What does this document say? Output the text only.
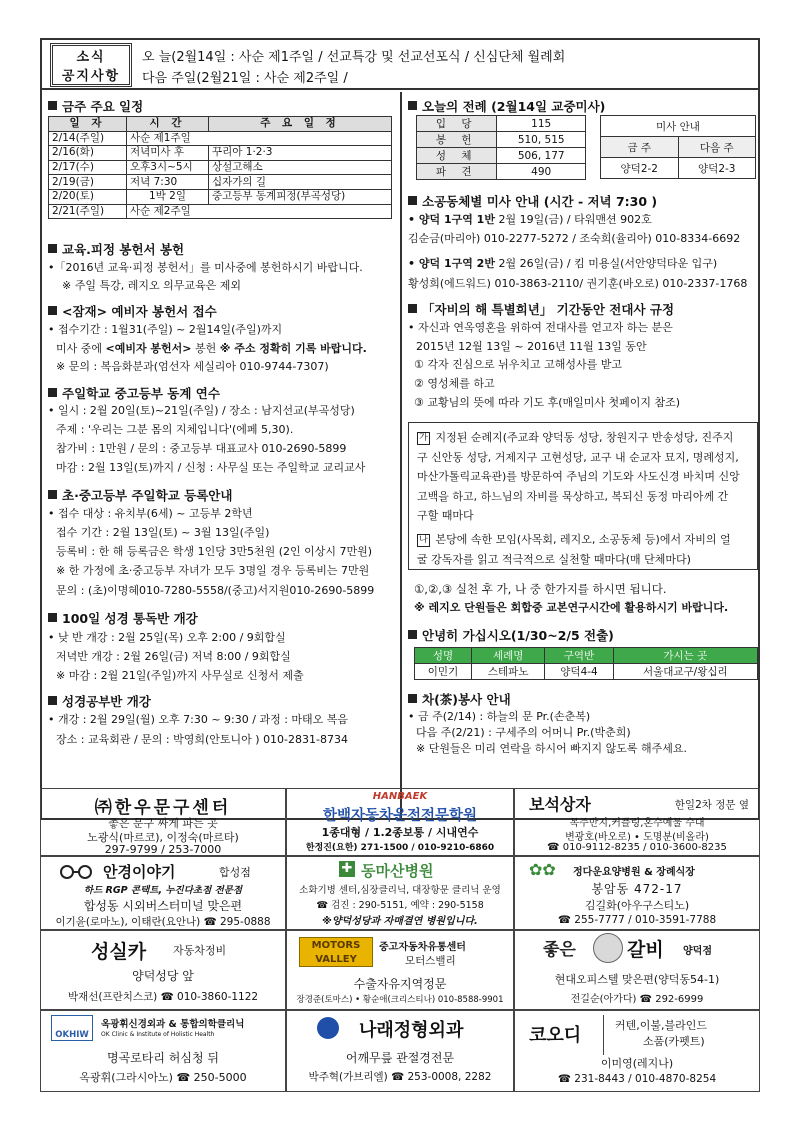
소식
공지사항
오 늘(2월14일 : 사순 제1주일 / 선교특강 및 선교선포식 / 신심단체 월례회
다음 주일(2월21일 : 사순 제2주일 /
금주 주요 일정
일 자	시 간	주 요 일 정
2/14(주일)	사순 제1주일	
2/16(화)	저녁미사 후	꾸리아 1·2·3
2/17(수)	오후3시~5시	상설고해소
2/19(금)	저녁 7:30	십자가의 길
2/20(토)	1박 2일	중고등부 동계피정(부곡성당)
2/21(주일)	사순 제2주일	
교육.피정 봉헌서 봉헌
•「2016년 교육·피정 봉헌서」를 미사중에 봉헌하시기 바랍니다.
※ 주일 특강, 레지오 의무교육은 제외
<잠재> 예비자 봉헌서 접수
• 접수기간 : 1월31(주일) ~ 2월14일(주일)까지
미사 중에 <예비자 봉헌서> 봉헌 ※ 주소 정확히 기록 바랍니다.
※ 문의 : 복음화분과(엄선자 세실리아 010-9744-7307)
주일학교 중고등부 동계 연수
• 일시 : 2월 20일(토)~21일(주일) / 장소 : 남지선교(부곡성당)
주제 : '우리는 그분 몸의 지체입니다'(에페 5,30).
참가비 : 1만원 / 문의 : 중고등부 대표교사 010-2690-5899
마감 : 2월 13일(토)까지 / 신청 : 사무실 또는 주일학교 교리교사
초·중고등부 주일학교 등록안내
• 접수 대상 : 유치부(6세) ~ 고등부 2학년
접수 기간 : 2월 13일(토) ~ 3월 13일(주일)
등록비 : 한 해 등록금은 학생 1인당 3만5천원 (2인 이상시 7만원)
※ 한 가정에 초·중고등부 자녀가 모두 3명일 경우 등록비는 7만원
문의 : (초)이명혜010-7280-5558/(중고)서지원010-2690-5899
100일 성경 통독반 개강
• 낮 반 개강 : 2월 25일(목) 오후 2:00 / 9회합실
저녁반 개강 : 2월 26일(금) 저녁 8:00 / 9회합실
※ 마감 : 2월 21일(주일)까지 사무실로 신청서 제출
성경공부반 개강
• 개강 : 2월 29일(월) 오후 7:30 ~ 9:30 / 과정 : 마태오 복음
장소 : 교육회관 / 문의 : 박영희(안토니아 ) 010-2831-8734
오늘의 전례 (2월14일 교중미사)
입 당	115
봉 헌	510, 515
성 체	506, 177
파 견	490
미사 안내	
금 주	다음 주
양덕2-2	양덕2-3
소공동체별 미사 안내 (시간 - 저녁 7:30 )
• 양덕 1구역 1반 2월 19일(금) / 타워맨션 902호
김순금(마리아) 010-2277-5272 / 조숙희(율리아) 010-8334-6692
• 양덕 1구역 2반 2월 26일(금) / 킴 미용실(서안양덕타운 입구)
황성희(에드워드) 010-3863-2110/ 권기훈(바오로) 010-2337-1768
「자비의 해 특별희년」 기간동안 전대사 규정
• 자신과 연옥영혼을 위하여 전대사를 얻고자 하는 분은
2015년 12월 13일 ~ 2016년 11월 13일 동안
① 각자 진심으로 뉘우치고 고해성사를 받고
② 영성체를 하고
③ 교황님의 뜻에 따라 기도 후(매일미사 첫페이지 참조)
가 지정된 순례지(주교좌 양덕동 성당, 창원지구 반송성당, 진주지
구 신안동 성당, 거제지구 고현성당, 교구 내 순교자 묘지, 명례성지,
마산가톨릭교육관)를 방문하여 주님의 기도와 사도신경 바치며 신앙
고백을 하고, 하느님의 자비를 묵상하고, 복되신 동정 마리아께 간
구할 때마다
나 본당에 속한 모임(사목회, 레지오, 소공동체 등)에서 자비의 얼
굴 강독자를 읽고 적극적으로 실천할 때마다(매 단체마다)
①,②,③ 실천 후 가, 나 중 한가지를 하시면 됩니다.
※ 레지오 단원들은 회합중 교본연구시간에 활용하시기 바랍니다.
안녕히 가십시오(1/30~2/5 전출)
성명	세례명	구역반	가시는 곳
이민기	스테파노	양덕4-4	서울대교구/왕십리
차(茶)봉사 안내
• 금 주(2/14) : 하늘의 문 Pr.(손춘복)
다음 주(2/21) : 구세주의 어머니 Pr.(박춘희)
※ 단원들은 미리 연락을 하시어 빠지지 않도록 해주세요.
㈜한우문구센터
좋은 문구 싸게 파는 곳
노광식(마르코), 이정숙(마르타)
297-9799 / 253-7000
HANBAEK
한백자동차운전전문학원
1종대형 / 1.2종보통 / 시내연수
한정진(요한) 271-1500 / 010-9210-6860
보석상자	한일2차 정문 옆
목주반지,커플링,혼수예물 수대
변광호(바오로) • 도명분(비올라)
☎ 010-9112-8235 / 010-3600-8235
안경이야기	합성점
하드 RGP 콘택트, 누진다초점 전문점
합성동 시외버스터미널 맞은편
이기윤(로마노), 이태란(요안나) ☎ 295-0888
✚ 동마산병원
소화기병 센터,심장클리닉, 대장항문 클리닉 운영
☎ 검진 : 290-5151, 예약 : 290-5158
※양덕성당과 자매결연 병원입니다.
✿✿ 정다운요양병원 & 장례식장
봉암동 472-17
김길화(아우구스티노)
☎ 255-7777 / 010-3591-7788
성실카 자동차정비
양덕성당 앞
박재선(프란치스코) ☎ 010-3860-1122
MOTORS VALLEY
중고자동차유통센터
모터스밸리
수출자유지역정문
장경준(토마스) • 황순애(크리스티나) 010-8588-9901
좋은	갈비 양덕점
현대오피스텔 맞은편(양덕동54-1)
전길순(아가다) ☎ 292-6999
OKHIW
옥광휘신경외과 & 통합의학클리닉
OK Clinic & Institute of Holistic Health
명곡로타리 허심청 뒤
옥광휘(그라시아노) ☎ 250-5000
나래정형외과
어깨무릎 관절경전문
박주혁(가브리엘) ☎ 253-0008, 2282
코오디	커텐,이불,블라인드
소품(카펫트)
이미영(레지나)
☎ 231-8443 / 010-4870-8254
